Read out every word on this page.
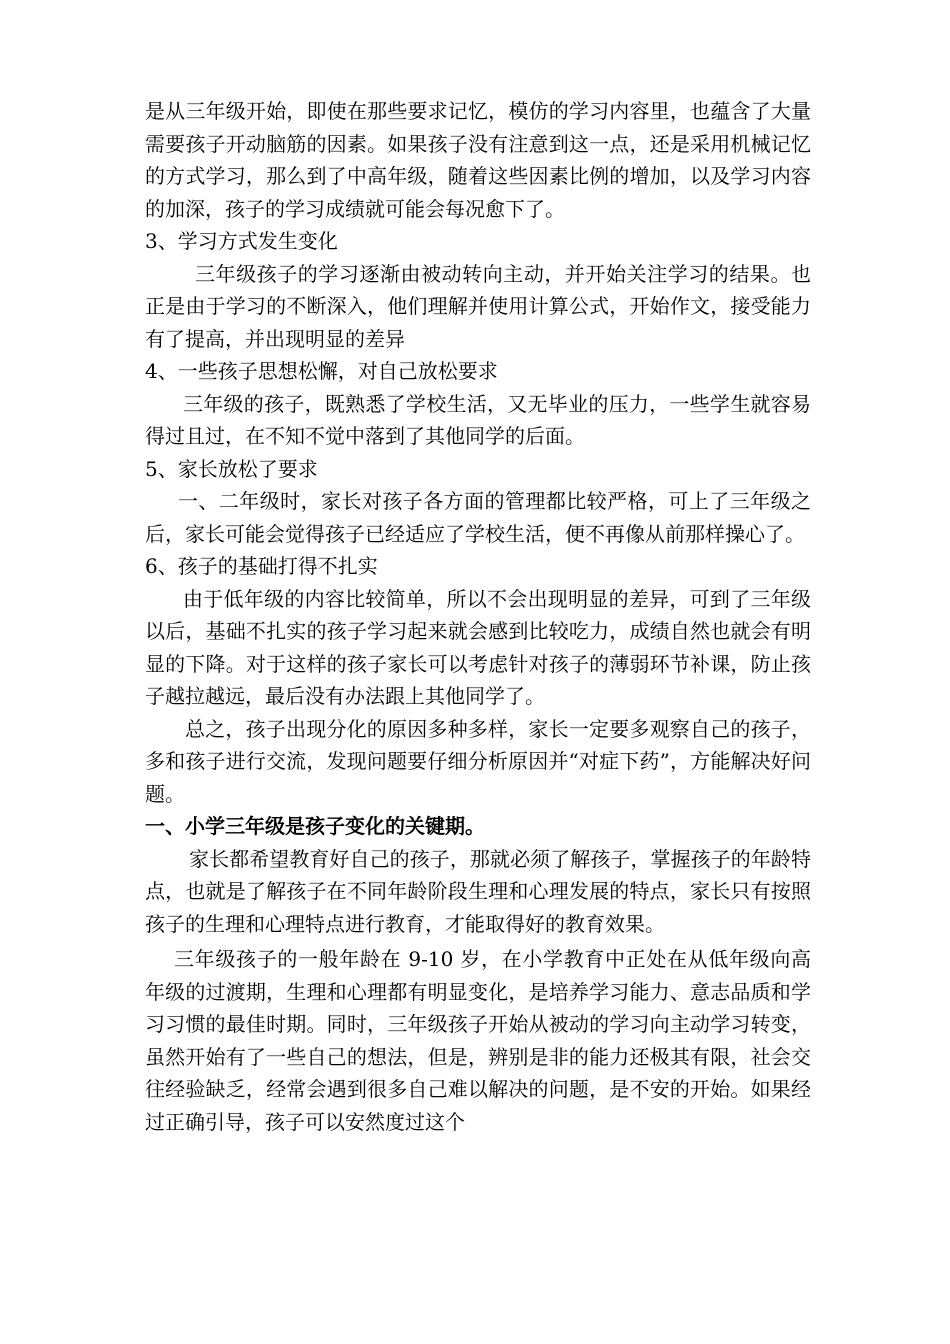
是从三年级开始，即使在那些要求记忆，模仿的学习内容里，也蕴含了大量需要孩子开动脑筋的因素。如果孩子没有注意到这一点，还是采用机械记忆的方式学习，那么到了中高年级，随着这些因素比例的增加，以及学习内容的加深，孩子的学习成绩就可能会每况愈下了。

3、学习方式发生变化

三年级孩子的学习逐渐由被动转向主动，并开始关注学习的结果。也正是由于学习的不断深入，他们理解并使用计算公式，开始作文，接受能力有了提高，并出现明显的差异

4、一些孩子思想松懈，对自己放松要求

三年级的孩子，既熟悉了学校生活，又无毕业的压力，一些学生就容易得过且过，在不知不觉中落到了其他同学的后面。

5、家长放松了要求

一、二年级时，家长对孩子各方面的管理都比较严格，可上了三年级之后，家长可能会觉得孩子已经适应了学校生活，便不再像从前那样操心了。

6、孩子的基础打得不扎实

由于低年级的内容比较简单，所以不会出现明显的差异，可到了三年级以后，基础不扎实的孩子学习起来就会感到比较吃力，成绩自然也就会有明显的下降。对于这样的孩子家长可以考虑针对孩子的薄弱环节补课，防止孩子越拉越远，最后没有办法跟上其他同学了。

总之，孩子出现分化的原因多种多样，家长一定要多观察自己的孩子，多和孩子进行交流，发现问题要仔细分析原因并“对症下药”，方能解决好问题。

一、小学三年级是孩子变化的关键期。

家长都希望教育好自己的孩子，那就必须了解孩子，掌握孩子的年龄特点，也就是了解孩子在不同年龄阶段生理和心理发展的特点，家长只有按照孩子的生理和心理特点进行教育，才能取得好的教育效果。

三年级孩子的一般年龄在 9-10 岁，在小学教育中正处在从低年级向高年级的过渡期，生理和心理都有明显变化，是培养学习能力、意志品质和学习习惯的最佳时期。同时，三年级孩子开始从被动的学习向主动学习转变，虽然开始有了一些自己的想法，但是，辨别是非的能力还极其有限，社会交往经验缺乏，经常会遇到很多自己难以解决的问题，是不安的开始。如果经过正确引导，孩子可以安然度过这个
